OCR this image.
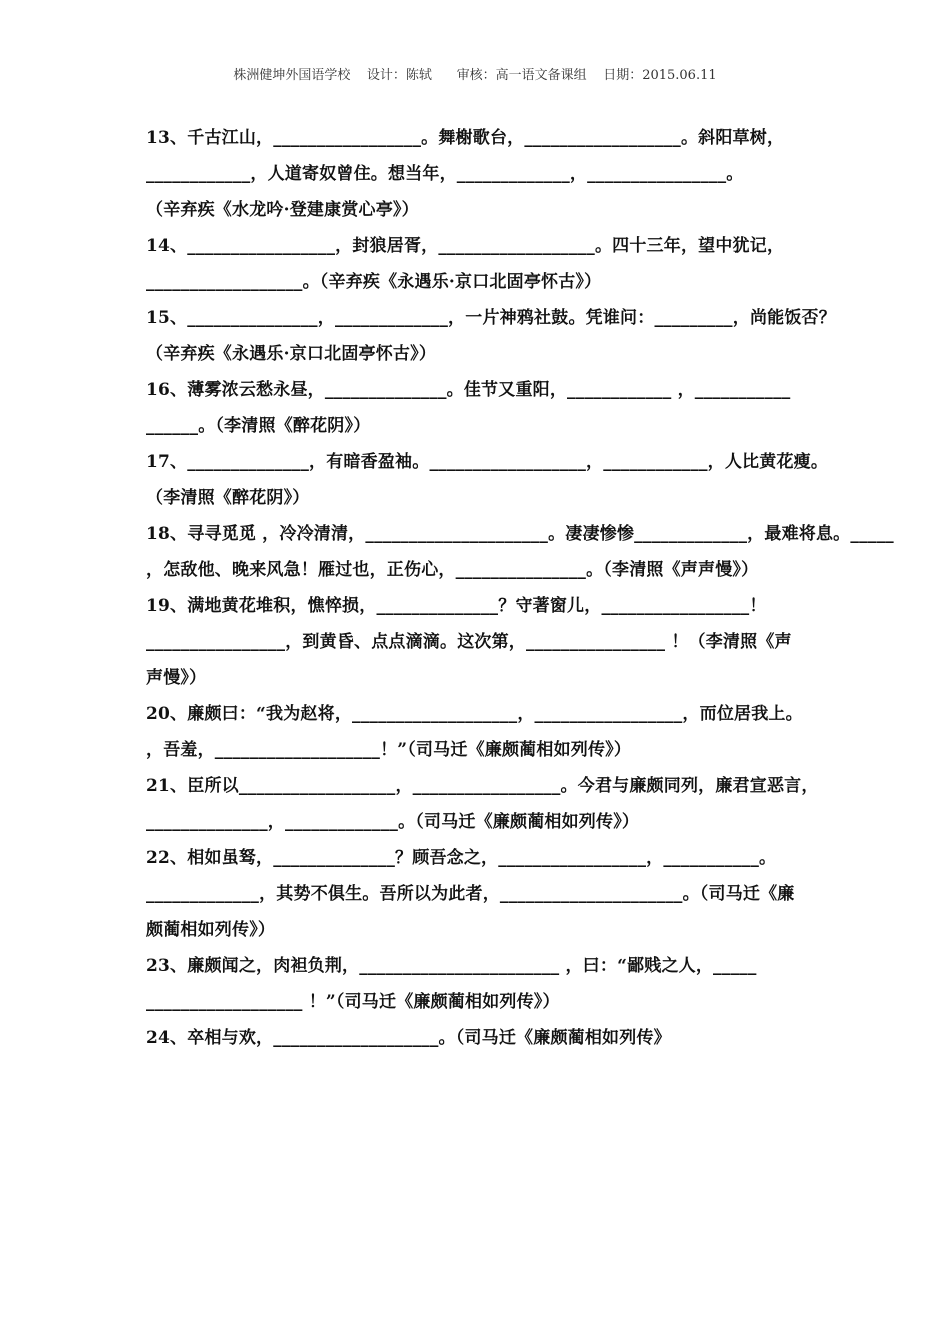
株洲健坤外国语学校    设计：陈轼      审核：高一语文备课组    日期：2015.06.11
13、千古江山，_________________。舞榭歌台，__________________。斜阳草树，
____________，人道寄奴曾住。想当年，_____________，________________。
（辛弃疾《水龙吟·登建康赏心亭》）
14、_________________，封狼居胥，__________________。四十三年，望中犹记，
__________________。（辛弃疾《永遇乐·京口北固亭怀古》）
15、_______________，_____________，一片神鸦社鼓。凭谁问：_________，尚能饭否？
（辛弃疾《永遇乐·京口北固亭怀古》）
16、薄雾浓云愁永昼，______________。佳节又重阳，____________ ，___________
______。（李清照《醉花阴》）
17、______________，有暗香盈袖。__________________，____________，人比黄花瘦。
（李清照《醉花阴》）
18、寻寻觅觅 ，冷冷清清，_____________________。凄凄惨惨_____________，最难将息。_____
，怎敌他、晚来风急！雁过也，正伤心，_______________。（李清照《声声慢》）
19、满地黄花堆积，憔悴损，______________？守著窗儿，_________________！
________________，到黄昏、点点滴滴。这次第，________________ ！（李清照《声
声慢》）
20、廉颇曰：“我为赵将，___________________，_________________，而位居我上。
，吾羞，___________________！”（司马迁《廉颇蔺相如列传》）
21、臣所以__________________，_________________。今君与廉颇同列，廉君宣恶言，
______________，_____________。（司马迁《廉颇蔺相如列传》）
22、相如虽驽，______________？顾吾念之，_________________，___________。
_____________，其势不俱生。吾所以为此者，_____________________。（司马迁《廉
颇蔺相如列传》）
23、廉颇闻之，肉袒负荆，_______________________ ，曰：“鄙贱之人，_____
__________________ ！”（司马迁《廉颇蔺相如列传》）
24、卒相与欢，___________________。（司马迁《廉颇蔺相如列传》
